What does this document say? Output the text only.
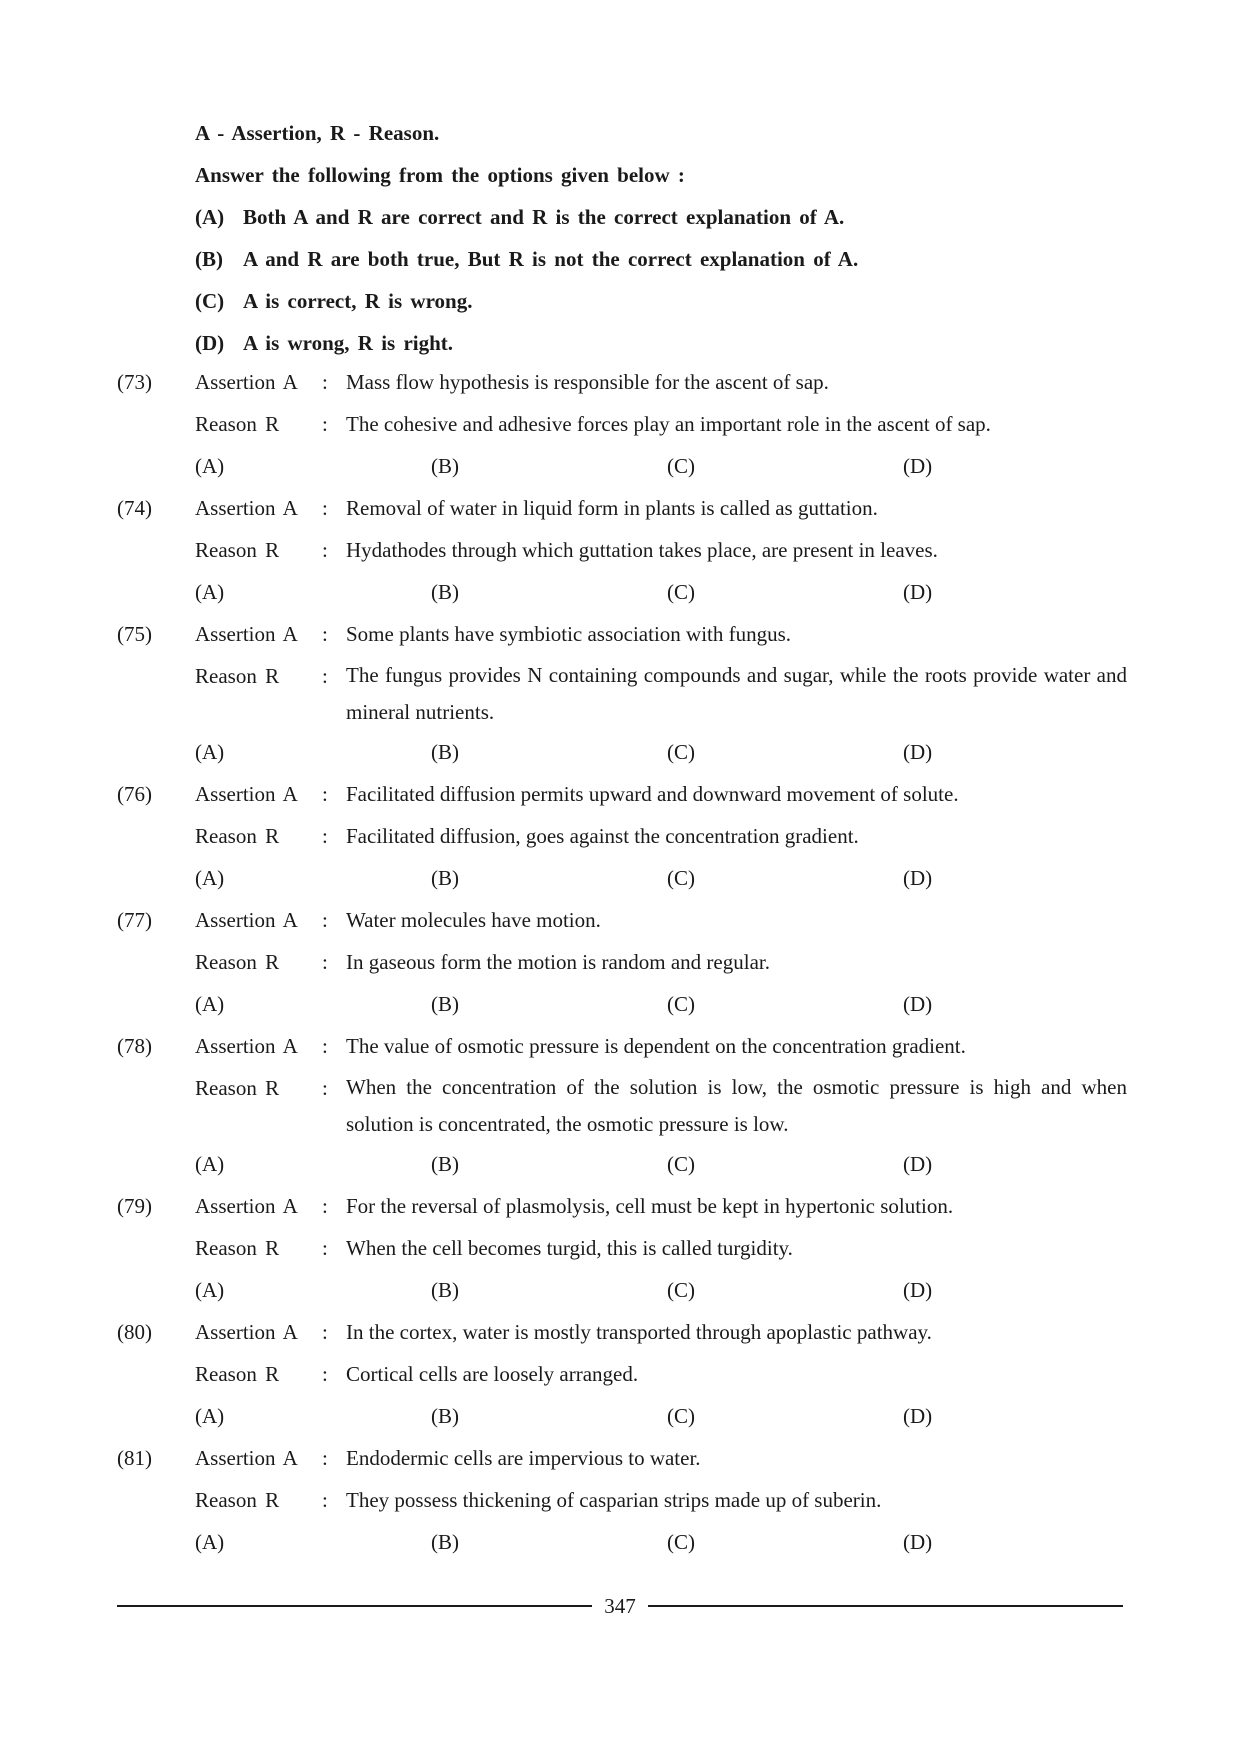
A - Assertion, R - Reason.
Answer the following from the options given below :
(A) Both A and R are correct and R is the correct explanation of A.
(B) A and R are both true, But R is not the correct explanation of A.
(C) A is correct, R is wrong.
(D) A is wrong, R is right.
(73)	Assertion A	: Mass flow hypothesis is responsible for the ascent of sap.
Reason R	: The cohesive and adhesive forces play an important role in the ascent of sap.
(A)	(B)	(C)	(D)
(74)	Assertion A	: Removal of water in liquid form in plants is called as guttation.
Reason R	: Hydathodes through which guttation takes place, are present in leaves.
(A)	(B)	(C)	(D)
(75)	Assertion A	: Some plants have symbiotic association with fungus.
Reason R	: The fungus provides N containing compounds and sugar, while the roots provide water and mineral nutrients.
(A)	(B)	(C)	(D)
(76)	Assertion A	: Facilitated diffusion permits upward and downward movement of solute.
Reason R	: Facilitated diffusion, goes against the concentration gradient.
(A)	(B)	(C)	(D)
(77)	Assertion A	: Water molecules have motion.
Reason R	: In gaseous form the motion is random and regular.
(A)	(B)	(C)	(D)
(78)	Assertion A	: The value of osmotic pressure is dependent on the concentration gradient.
Reason R	: When the concentration of the solution is low, the osmotic pressure is high and when solution is concentrated, the osmotic pressure is low.
(A)	(B)	(C)	(D)
(79)	Assertion A	: For the reversal of plasmolysis, cell must be kept in hypertonic solution.
Reason R	: When the cell becomes turgid, this is called turgidity.
(A)	(B)	(C)	(D)
(80)	Assertion A	: In the cortex, water is mostly transported through apoplastic pathway.
Reason R	: Cortical cells are loosely arranged.
(A)	(B)	(C)	(D)
(81)	Assertion A	: Endodermic cells are impervious to water.
Reason R	: They possess thickening of casparian strips made up of suberin.
(A)	(B)	(C)	(D)
347
